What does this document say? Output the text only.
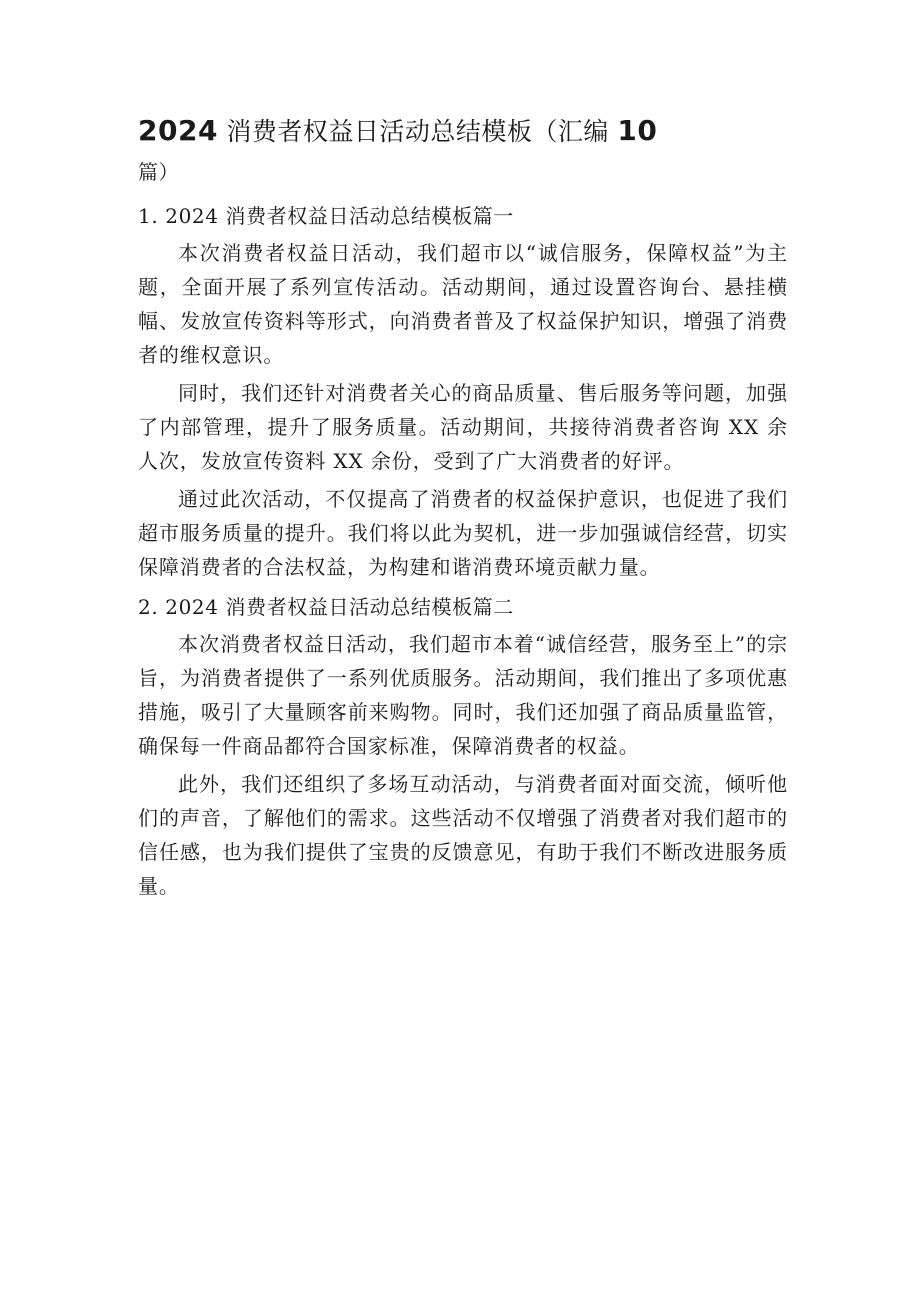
2024 消费者权益日活动总结模板（汇编 10
篇）
1. 2024 消费者权益日活动总结模板篇一

本次消费者权益日活动，我们超市以“诚信服务，保障权益”为主题，全面开展了系列宣传活动。活动期间，通过设置咨询台、悬挂横幅、发放宣传资料等形式，向消费者普及了权益保护知识，增强了消费者的维权意识。

同时，我们还针对消费者关心的商品质量、售后服务等问题，加强了内部管理，提升了服务质量。活动期间，共接待消费者咨询 XX 余人次，发放宣传资料 XX 余份，受到了广大消费者的好评。

通过此次活动，不仅提高了消费者的权益保护意识，也促进了我们超市服务质量的提升。我们将以此为契机，进一步加强诚信经营，切实保障消费者的合法权益，为构建和谐消费环境贡献力量。

2. 2024 消费者权益日活动总结模板篇二

本次消费者权益日活动，我们超市本着“诚信经营，服务至上”的宗旨，为消费者提供了一系列优质服务。活动期间，我们推出了多项优惠措施，吸引了大量顾客前来购物。同时，我们还加强了商品质量监管，确保每一件商品都符合国家标准，保障消费者的权益。

此外，我们还组织了多场互动活动，与消费者面对面交流，倾听他们的声音，了解他们的需求。这些活动不仅增强了消费者对我们超市的信任感，也为我们提供了宝贵的反馈意见，有助于我们不断改进服务质量。
